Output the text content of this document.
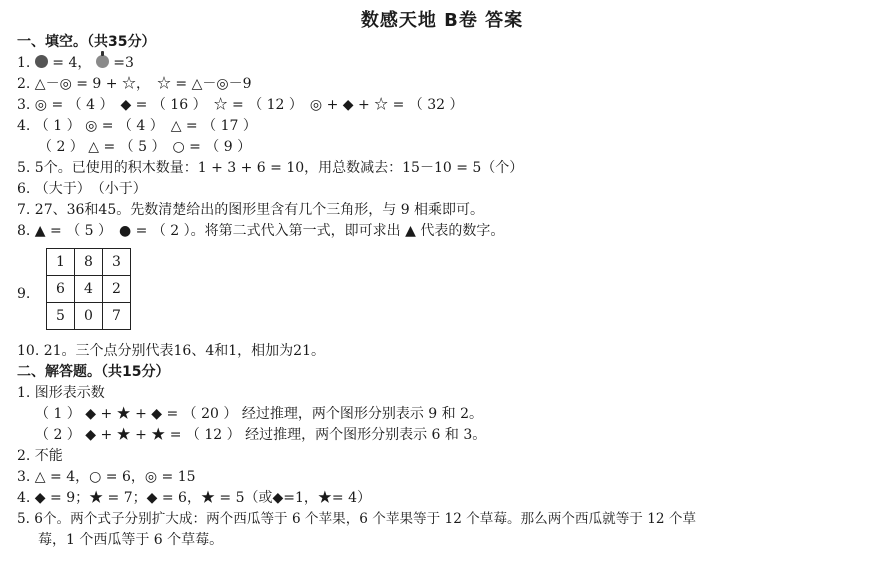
数感天地 B卷 答案
一、填空。（共35分）
1. = 4， =3
2. △－◎ = 9 + ☆，　☆ = △－◎－9
3. ◎ = （ 4 ）　◆ = （ 16 ）　☆ = （ 12 ）　◎ + ◆ + ☆ = （ 32 ）
4. （ 1 ） ◎ = （ 4 ）　△ = （ 17 ）
（ 2 ） △ = （ 5 ）　○ = （ 9 ）
5. 5个。已使用的积木数量：1 + 3 + 6 = 10，用总数减去：15－10 = 5（个）
6. （大于）　（小于）
7. 27、36和45。先数清楚给出的图形里含有几个三角形，与 9 相乘即可。
8. ▲ = （ 5 ）　● = （ 2 ）。将第二式代入第一式，即可求出 ▲ 代表的数字。
9.
1	8	3
6	4	2
5	0	7
10. 21。三个点分别代表16、4和1，相加为21。
二、解答题。（共15分）
1. 图形表示数
（ 1 ） ◆ + ★ + ◆ = （ 20 ） 经过推理，两个图形分别表示 9 和 2。
（ 2 ） ◆ + ★ + ★ = （ 12 ） 经过推理，两个图形分别表示 6 和 3。
2. 不能
3. △ = 4，○ = 6，◎ = 15
4. ◆ = 9；★ = 7；◆ = 6，★ = 5（或◆=1，★= 4）
5. 6个。两个式子分别扩大成：两个西瓜等于 6 个苹果，6 个苹果等于 12 个草莓。那么两个西瓜就等于 12 个草
莓，1 个西瓜等于 6 个草莓。
